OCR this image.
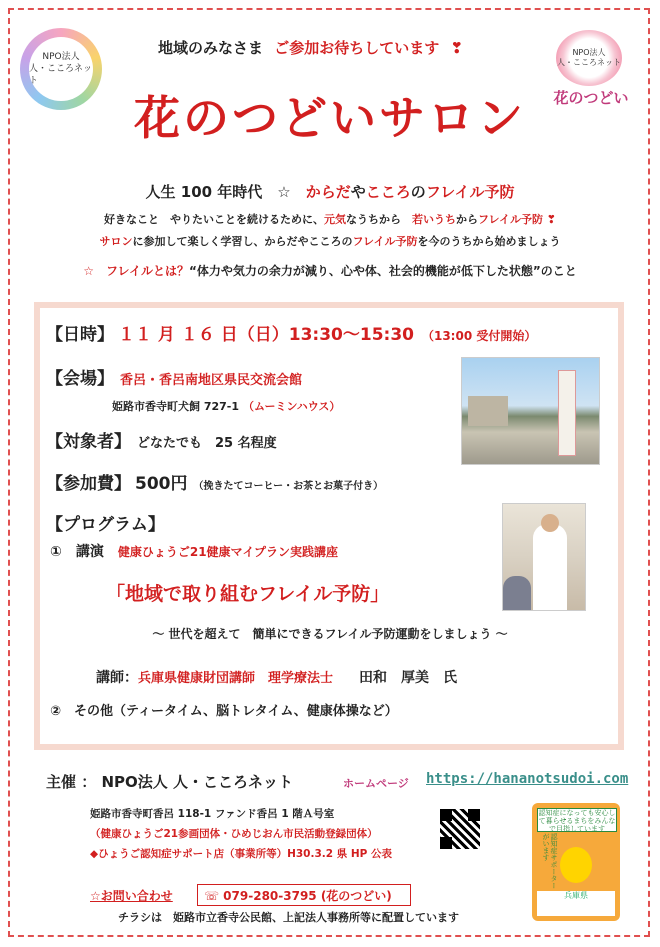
NPO法人
人・こころネット
NPO法人
人・こころネット
花のつどい
地域のみなさま ご参加お待ちしています ❣
花のつどいサロン
人生 100 年時代　☆　からだやこころのフレイル予防
好きなこと　やりたいことを続けるために、元気なうちから　若いうちからフレイル予防 ❣
サロンに参加して楽しく学習し、からだやこころのフレイル予防を今のうちから始めましょう
☆　フレイルとは？“体力や気力の余力が減り、心や体、社会的機能が低下した状態”のこと
【日時】 １１ 月 １６ 日（日）13:30～15:30 （13:00 受付開始）
【会場】 香呂・香呂南地区県民交流会館
姫路市香寺町犬飼 727-1 （ムーミンハウス）
【対象者】 どなたでも　25 名程度
【参加費】 500円 （挽きたてコーヒー・お茶とお菓子付き）
【プログラム】
①　講演 健康ひょうご21健康マイプラン実践講座
「地域で取り組むフレイル予防」
～ 世代を超えて　簡単にできるフレイル予防運動をしましょう ～
講師：兵庫県健康財団講師　理学療法士 田和　厚美　氏
②　その他（ティータイム、脳トレタイム、健康体操など）
主催 ： NPO法人 人・こころネット	ホームページ https://hananotsudoi.com
姫路市香寺町香呂 118-1 ファンド香呂 1 階Ａ号室
（健康ひょうご21参画団体・ひめじおん市民活動登録団体）
◆ひょうご認知症サポート店（事業所等）H30.3.2 県 HP 公表
☆お問い合わせ	☏ 079-280-3795 (花のつどい)
チラシは　姫路市立香寺公民館、上記法人事務所等に配置しています
認知症になっても安心して暮らせるまちをみんなで目指しています
認知症サポーターがいます
兵庫県
